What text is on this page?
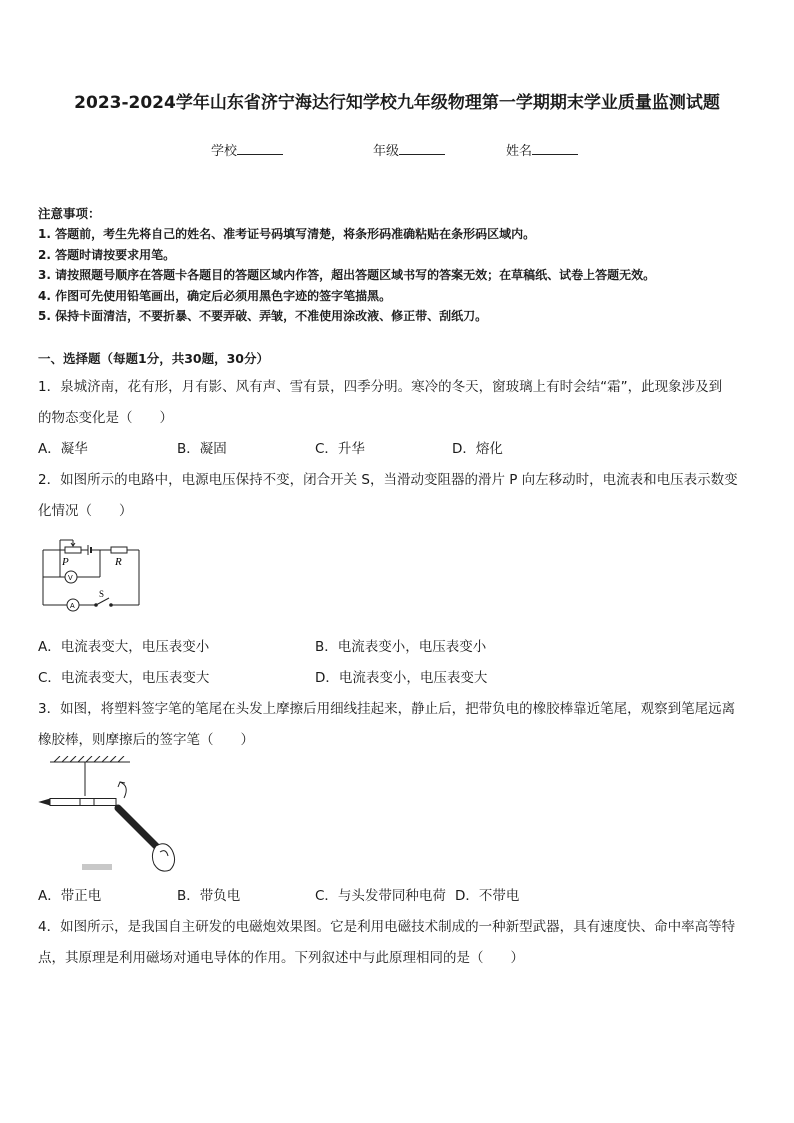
2023-2024学年山东省济宁海达行知学校九年级物理第一学期期末学业质量监测试题
学校	年级	姓名
注意事项：
1. 答题前，考生先将自己的姓名、准考证号码填写清楚，将条形码准确粘贴在条形码区域内。
2. 答题时请按要求用笔。
3. 请按照题号顺序在答题卡各题目的答题区域内作答，超出答题区域书写的答案无效；在草稿纸、试卷上答题无效。
4. 作图可先使用铅笔画出，确定后必须用黑色字迹的签字笔描黑。
5. 保持卡面清洁，不要折暴、不要弄破、弄皱，不准使用涂改液、修正带、刮纸刀。
一、选择题（每题1分，共30题，30分）
1．泉城济南，花有形，月有影、风有声、雪有景，四季分明。寒冷的冬天，窗玻璃上有时会结“霜”，此现象涉及到
的物态变化是（　　）
A．凝华	B．凝固	C．升华	D．熔化
2．如图所示的电路中，电源电压保持不变，闭合开关 S，当滑动变阻器的滑片 P 向左移动时，电流表和电压表示数变
化情况（　　）
P	R
V
A
S
A．电流表变大，电压表变小	B．电流表变小，电压表变小
C．电流表变大，电压表变大	D．电流表变小，电压表变大
3．如图，将塑料签字笔的笔尾在头发上摩擦后用细线挂起来，静止后，把带负电的橡胶棒靠近笔尾，观察到笔尾远离
橡胶棒，则摩擦后的签字笔（　　）
A．带正电	B．带负电	C．与头发带同种电荷 D．不带电
4．如图所示，是我国自主研发的电磁炮效果图。它是利用电磁技术制成的一种新型武器，具有速度快、命中率高等特
点，其原理是利用磁场对通电导体的作用。下列叙述中与此原理相同的是（　　）
